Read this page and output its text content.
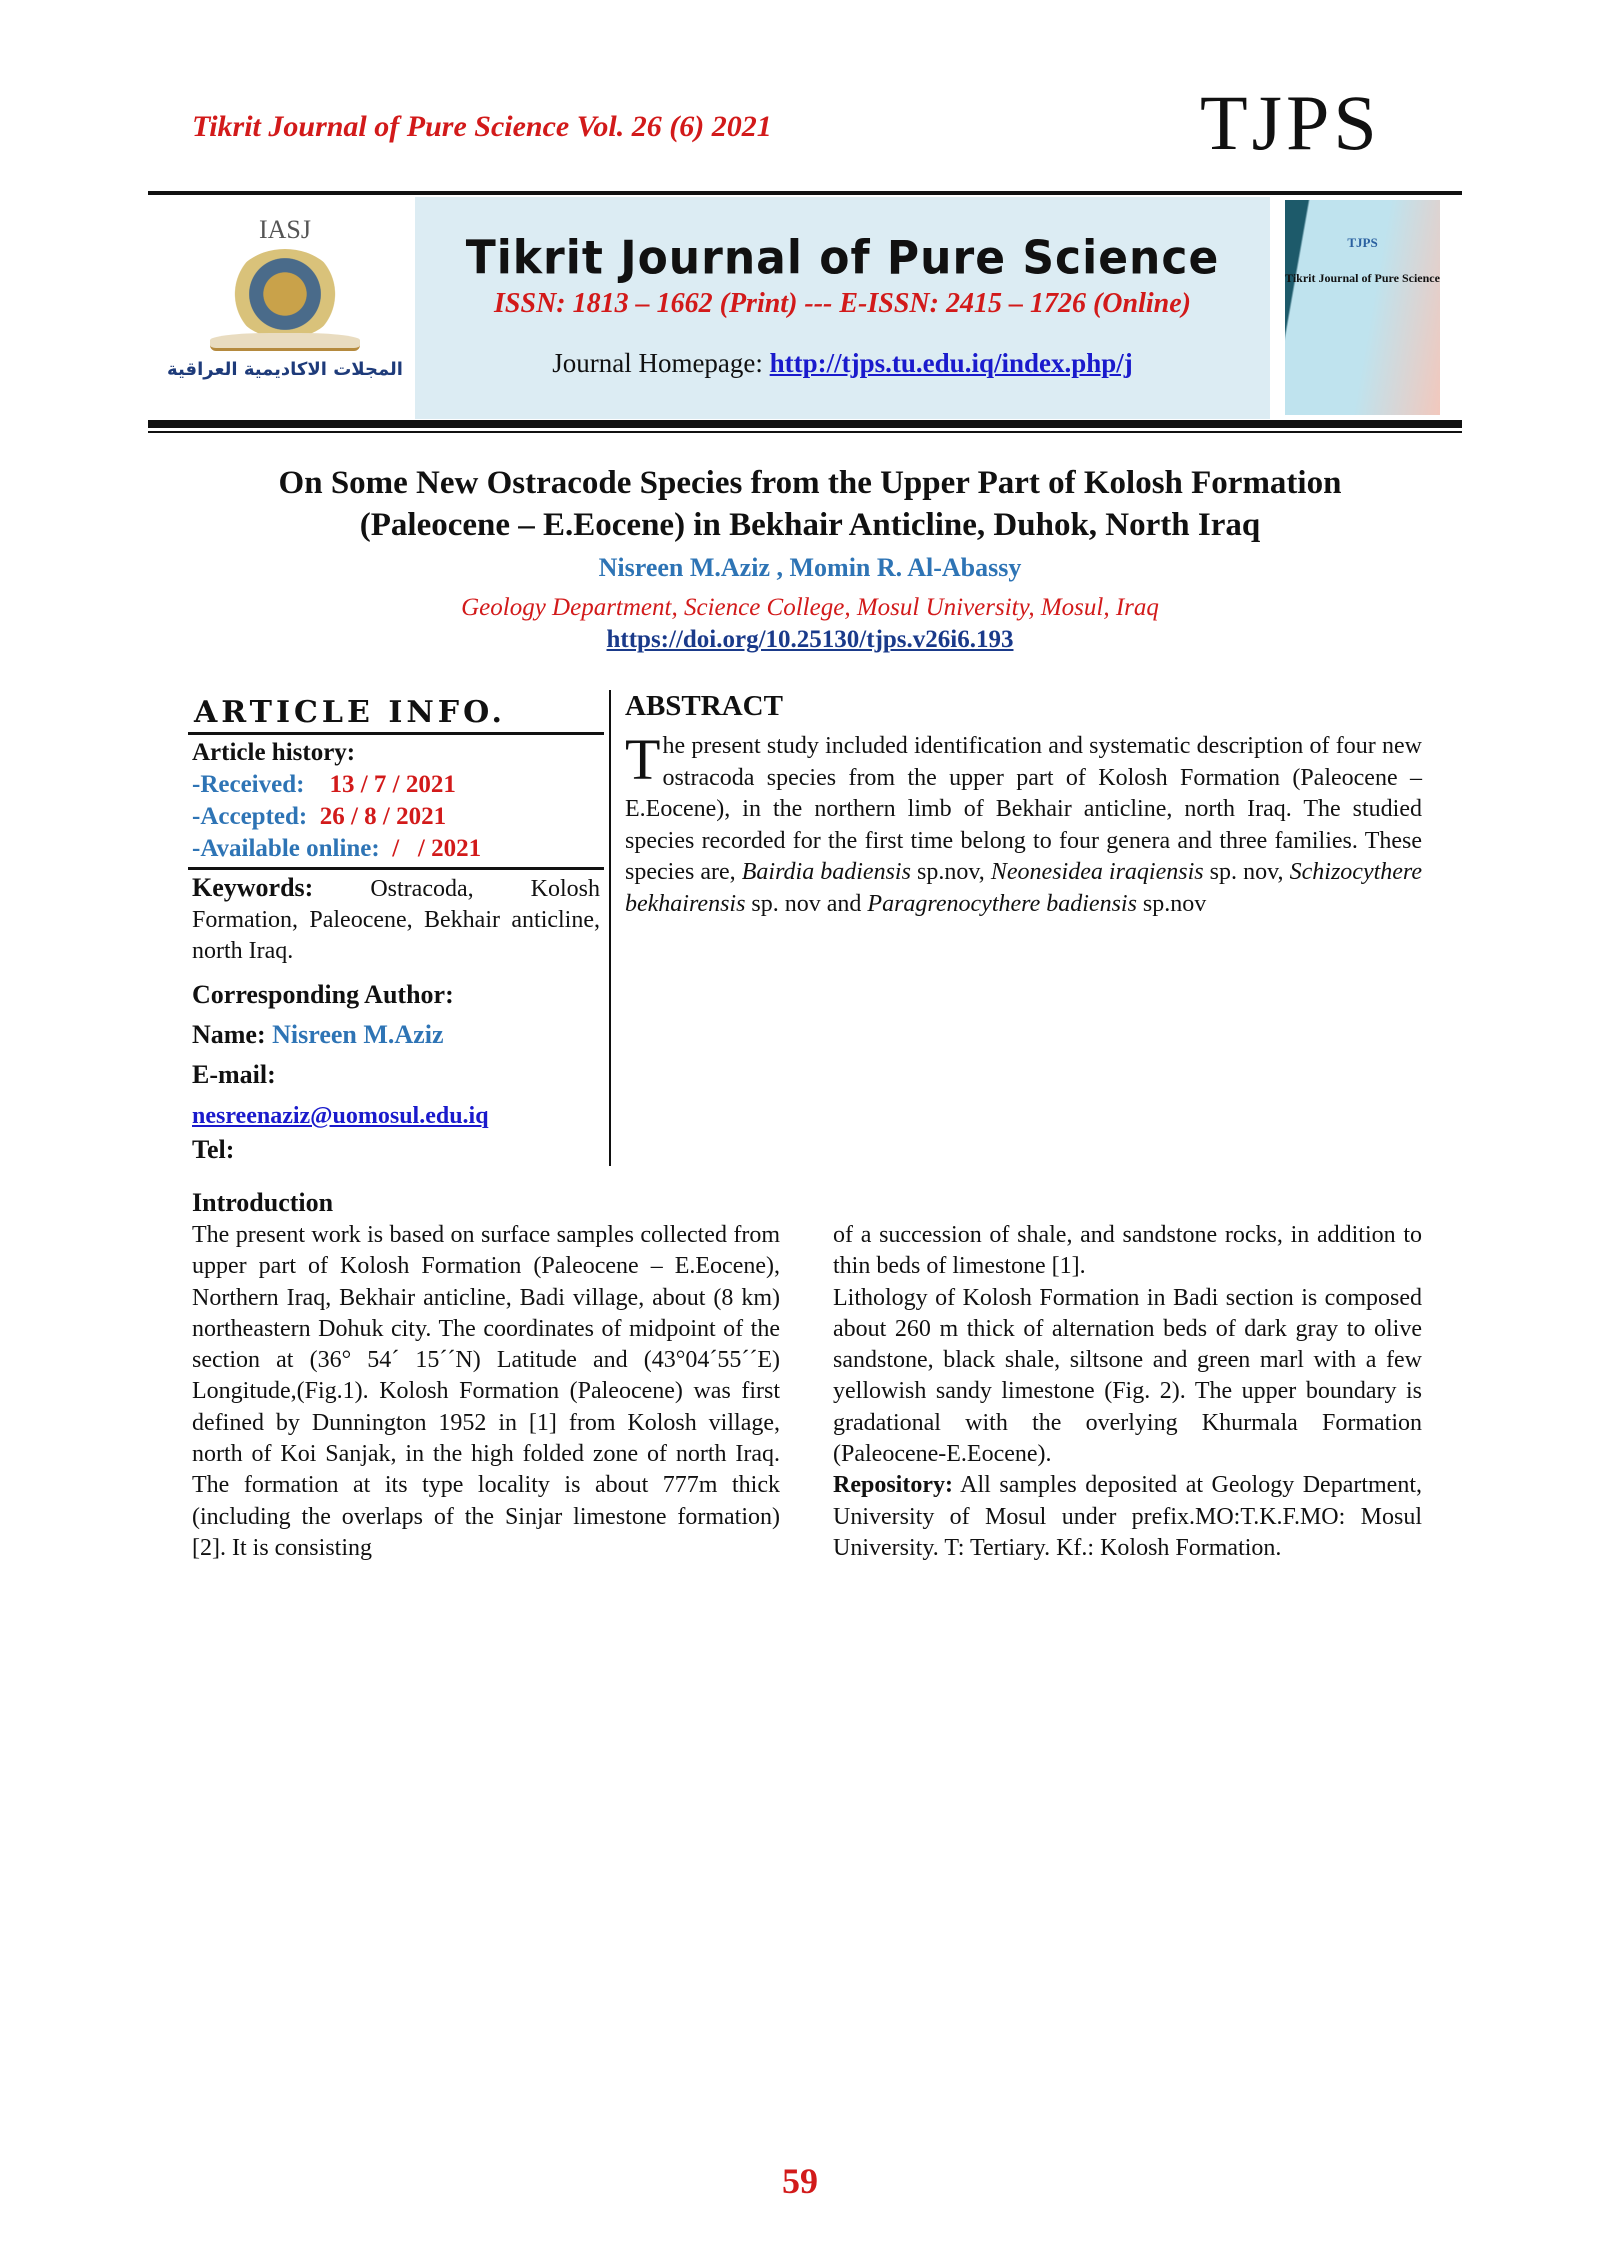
Tikrit Journal of Pure Science Vol. 26 (6) 2021	TJPS
IASJ
المجلات الاكاديمية العراقية
Tikrit Journal of Pure Science
ISSN: 1813 – 1662 (Print) --- E-ISSN: 2415 – 1726 (Online)
Journal Homepage: http://tjps.tu.edu.iq/index.php/j
TJPS
Tikrit Journal of Pure Science
On Some New Ostracode Species from the Upper Part of Kolosh Formation
(Paleocene – E.Eocene) in Bekhair Anticline, Duhok, North Iraq
Nisreen M.Aziz , Momin R. Al-Abassy
Geology Department, Science College, Mosul University, Mosul, Iraq
https://doi.org/10.25130/tjps.v26i6.193
ARTICLE INFO.
Article history:
-Received: 13 / 7 / 2021
-Accepted: 26 / 8 / 2021
-Available online: /   / 2021
Keywords: Ostracoda, Kolosh Formation, Paleocene, Bekhair anticline, north Iraq.
Corresponding Author:
Name: Nisreen M.Aziz
E-mail:
nesreenaziz@uomosul.edu.iq
Tel:
ABSTRACT

The present study included identification and systematic description of four new ostracoda species from the upper part of Kolosh Formation (Paleocene – E.Eocene), in the northern limb of Bekhair anticline, north Iraq. The studied species recorded for the first time belong to four genera and three families. These species are, Bairdia badiensis sp.nov, Neonesidea iraqiensis sp. nov, Schizocythere bekhairensis sp. nov and Paragrenocythere badiensis sp.nov

Introduction

The present work is based on surface samples collected from upper part of Kolosh Formation (Paleocene – E.Eocene), Northern Iraq, Bekhair anticline, Badi village, about (8 km) northeastern Dohuk city. The coordinates of midpoint of the section at (36° 54´ 15´´N) Latitude and (43°04´55´´E) Longitude,(Fig.1). Kolosh Formation (Paleocene) was first defined by Dunnington 1952 in [1] from Kolosh village, north of Koi Sanjak, in the high folded zone of north Iraq. The formation at its type locality is about 777m thick (including the overlaps of the Sinjar limestone formation) [2]. It is consisting

of a succession of shale, and sandstone rocks, in addition to thin beds of limestone [1].

Lithology of Kolosh Formation in Badi section is composed about 260 m thick of alternation beds of dark gray to olive sandstone, black shale, siltsone and green marl with a few yellowish sandy limestone (Fig. 2). The upper boundary is gradational with the overlying Khurmala Formation (Paleocene-E.Eocene).

Repository: All samples deposited at Geology Department, University of Mosul under prefix.MO:T.K.F.MO: Mosul University. T: Tertiary. Kf.: Kolosh Formation.

59
